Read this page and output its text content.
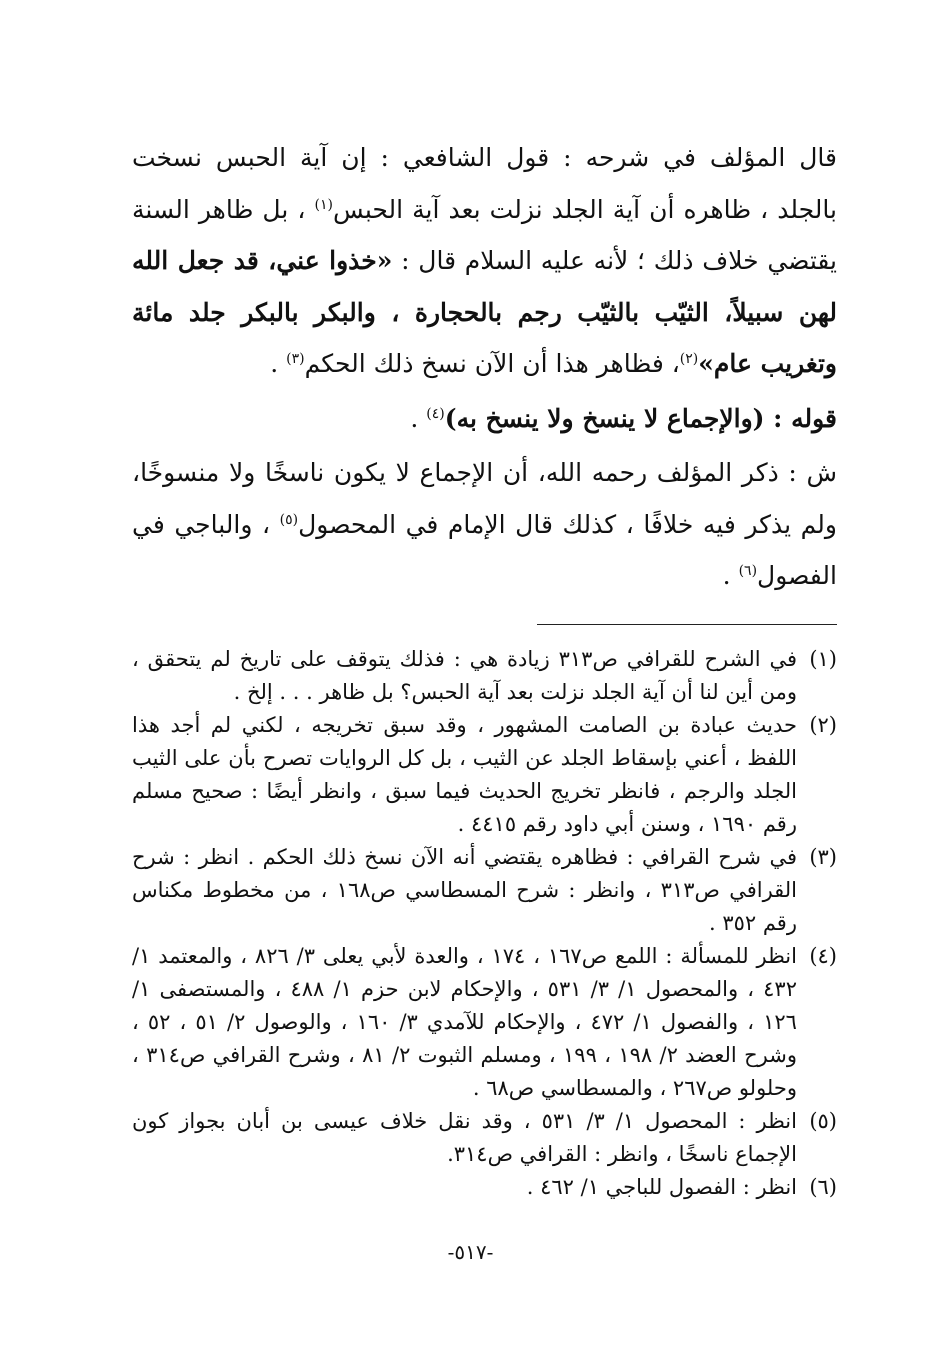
قال المؤلف في شرحه : قول الشافعي : إن آية الحبس نسخت بالجلد ، ظاهره أن آية الجلد نزلت بعد آية الحبس$^{(١)}$ ، بل ظاهر السنة يقتضي خلاف ذلك ؛ لأنه عليه السلام قال : «خذوا عني، قد جعل الله لهن سبيلاً، الثيّب بالثيّب رجم بالحجارة ، والبكر بالبكر جلد مائة وتغريب عام»$^{(٢)}$، فظاهر هذا أن الآن نسخ ذلك الحكم$^{(٣)}$ .

قوله : (والإجماع لا ينسخ ولا ينسخ به)$^{(٤)}$ .

ش : ذكر المؤلف رحمه الله، أن الإجماع لا يكون ناسخًا ولا منسوخًا، ولم يذكر فيه خلافًا ، كذلك قال الإمام في المحصول$^{(٥)}$ ، والباجي في الفصول$^{(٦)}$ .

(١)
في الشرح للقرافي ص٣١٣ زيادة هي : فذلك يتوقف على تاريخ لم يتحقق ، ومن أين لنا أن آية الجلد نزلت بعد آية الحبس؟ بل ظاهر . . . إلخ .
(٢)
حديث عبادة بن الصامت المشهور ، وقد سبق تخريجه ، لكني لم أجد هذا اللفظ ، أعني بإسقاط الجلد عن الثيب ، بل كل الروايات تصرح بأن على الثيب الجلد والرجم ، فانظر تخريج الحديث فيما سبق ، وانظر أيضًا : صحيح مسلم رقم ١٦٩٠ ، وسنن أبي داود رقم ٤٤١٥ .
(٣)
في شرح القرافي : فظاهره يقتضي أنه الآن نسخ ذلك الحكم . انظر : شرح القرافي ص٣١٣ ، وانظر : شرح المسطاسي ص١٦٨ ، من مخطوط مكناس رقم ٣٥٢ .
(٤)
انظر للمسألة : اللمع ص١٦٧ ، ١٧٤ ، والعدة لأبي يعلى ٣/ ٨٢٦ ، والمعتمد ١/ ٤٣٢ ، والمحصول ١/ ٣/ ٥٣١ ، والإحكام لابن حزم ١/ ٤٨٨ ، والمستصفى ١/ ١٢٦ ، والفصول ١/ ٤٧٢ ، والإحكام للآمدي ٣/ ١٦٠ ، والوصول ٢/ ٥١ ، ٥٢ ، وشرح العضد ٢/ ١٩٨ ، ١٩٩ ، ومسلم الثبوت ٢/ ٨١ ، وشرح القرافي ص٣١٤ ، وحلولو ص٢٦٧ ، والمسطاسي ص٦٨ .
(٥)
انظر : المحصول ١/ ٣/ ٥٣١ ، وقد نقل خلاف عيسى بن أبان بجواز كون الإجماع ناسخًا ، وانظر : القرافي ص٣١٤.
(٦)
انظر : الفصول للباجي ١/ ٤٦٢ .
-٥١٧-
